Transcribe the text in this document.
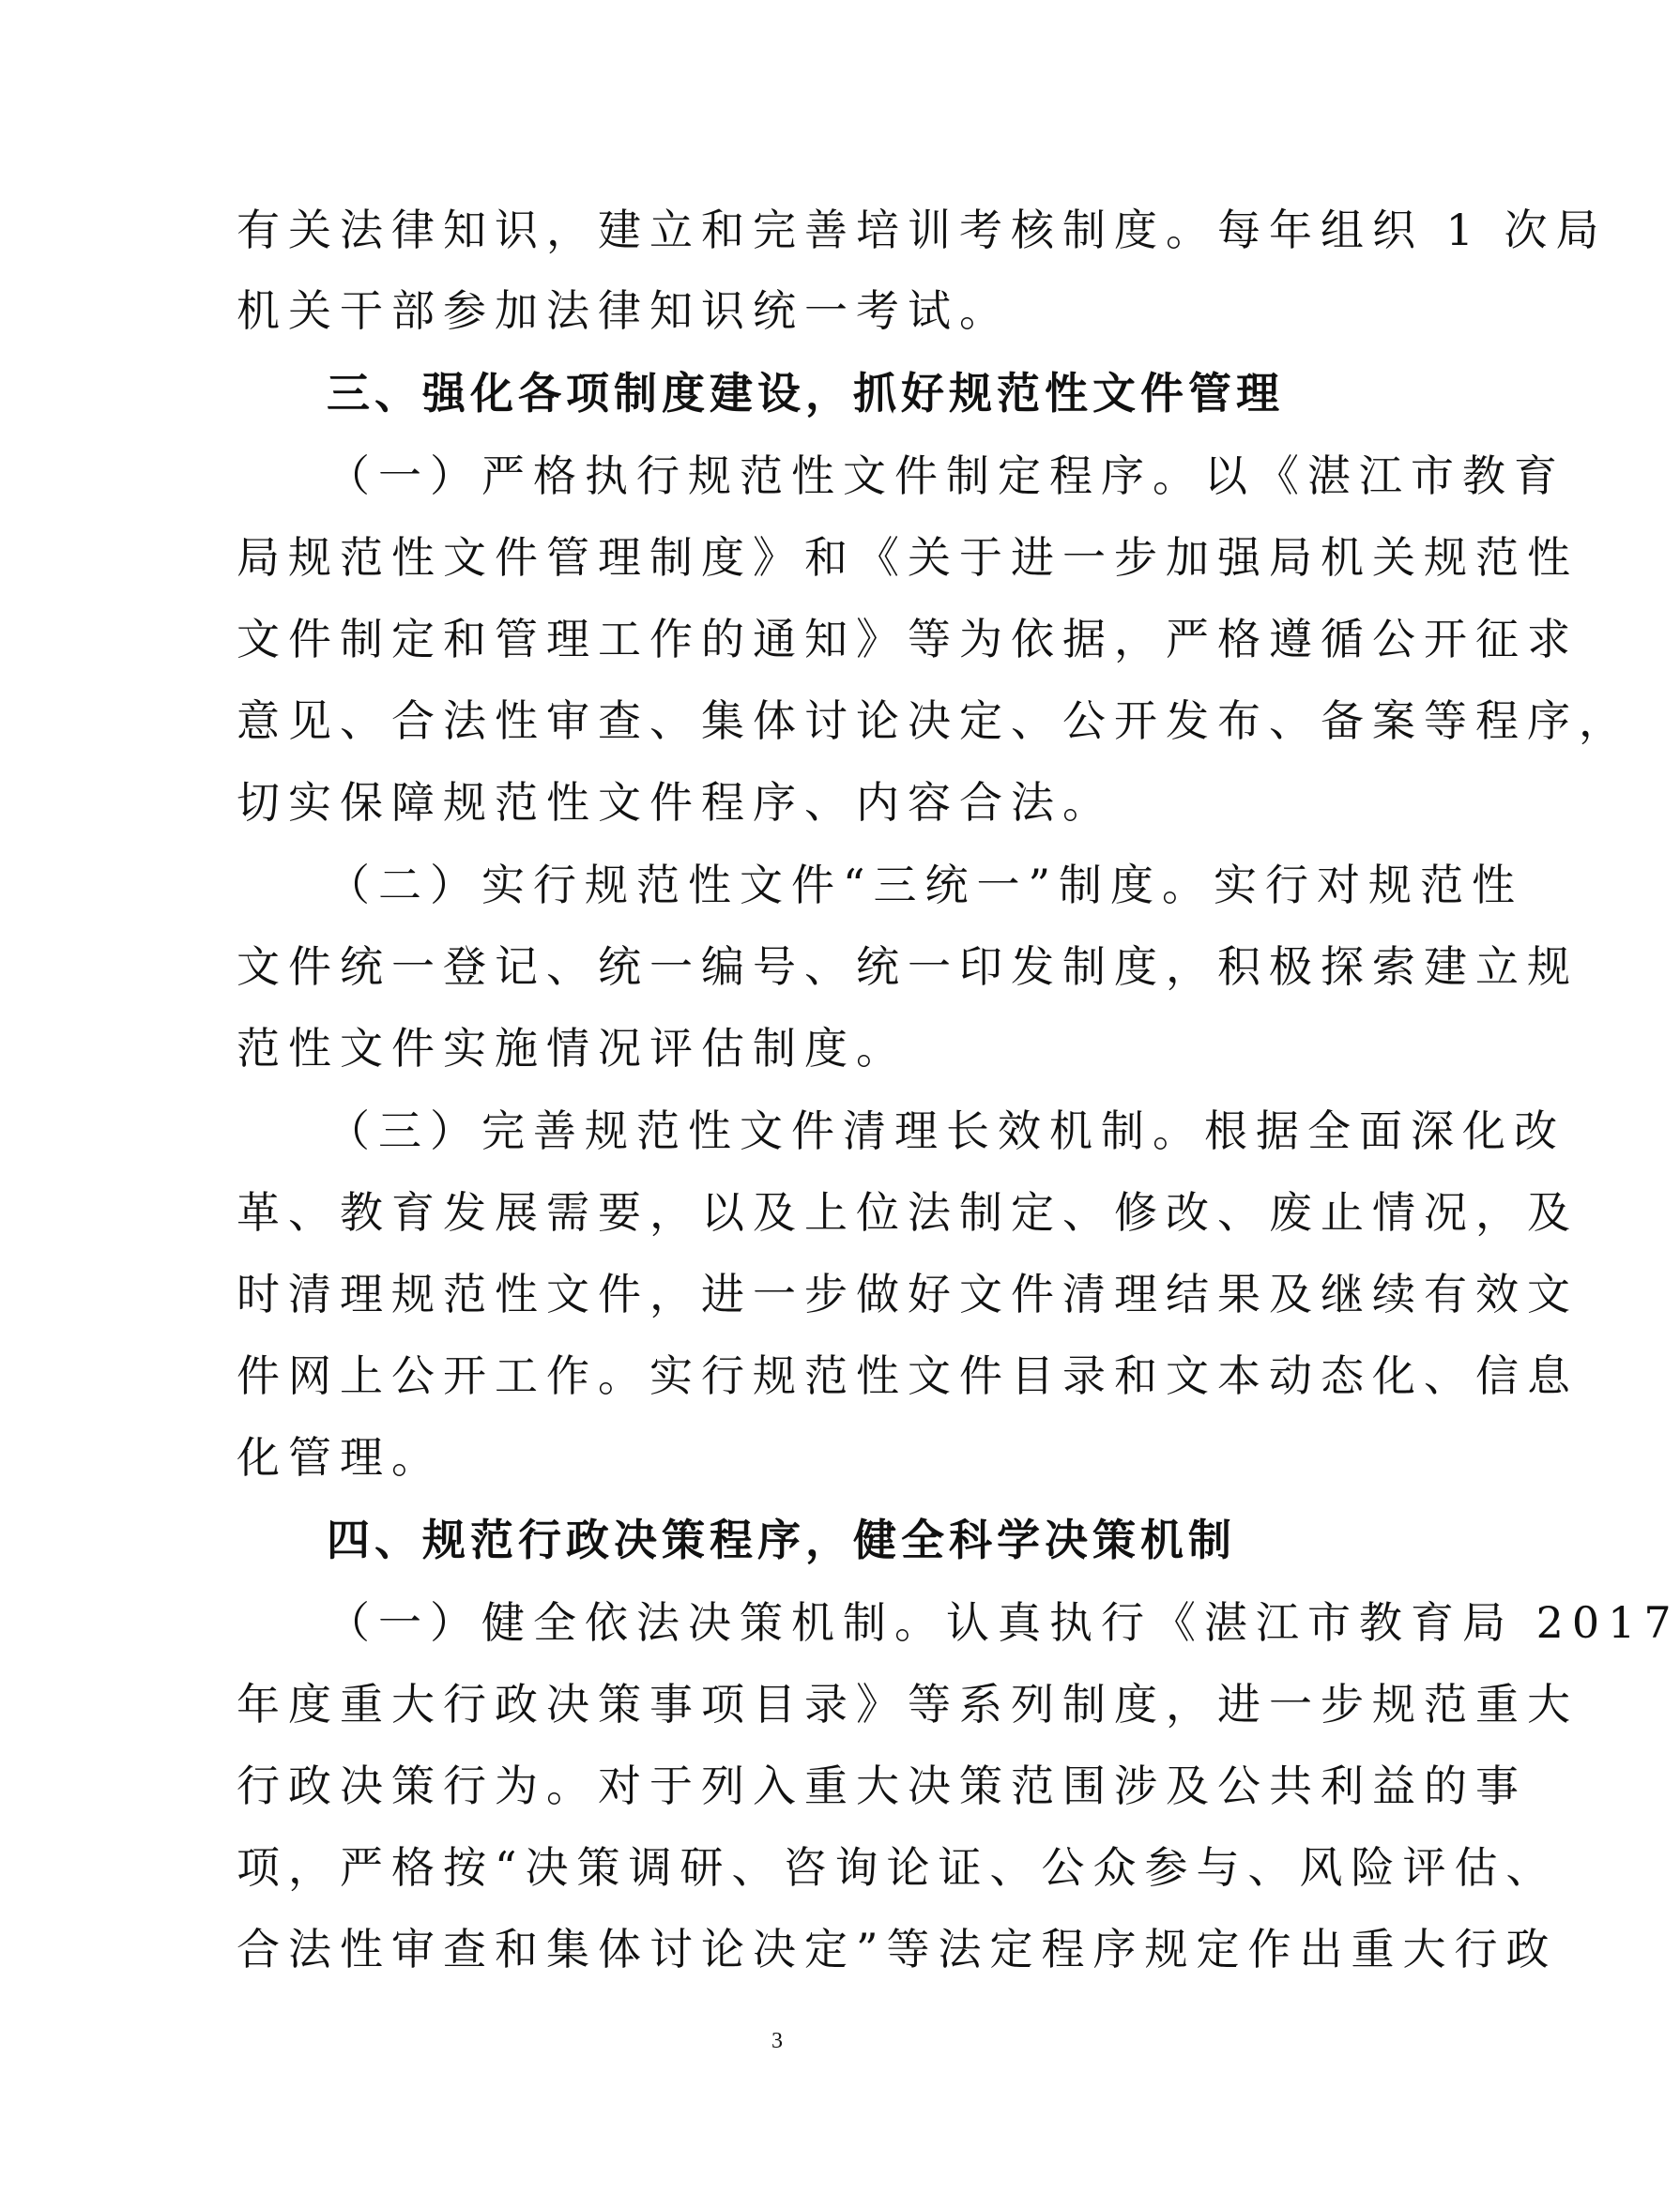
有关法律知识，建立和完善培训考核制度。每年组织 1 次局
机关干部参加法律知识统一考试。
三、强化各项制度建设，抓好规范性文件管理
（一）严格执行规范性文件制定程序。以《湛江市教育
局规范性文件管理制度》和《关于进一步加强局机关规范性
文件制定和管理工作的通知》等为依据，严格遵循公开征求
意见、合法性审查、集体讨论决定、公开发布、备案等程序，
切实保障规范性文件程序、内容合法。
（二）实行规范性文件“三统一”制度。实行对规范性
文件统一登记、统一编号、统一印发制度，积极探索建立规
范性文件实施情况评估制度。
（三）完善规范性文件清理长效机制。根据全面深化改
革、教育发展需要，以及上位法制定、修改、废止情况，及
时清理规范性文件，进一步做好文件清理结果及继续有效文
件网上公开工作。实行规范性文件目录和文本动态化、信息
化管理。
四、规范行政决策程序，健全科学决策机制
（一）健全依法决策机制。认真执行《湛江市教育局 2017
年度重大行政决策事项目录》等系列制度，进一步规范重大
行政决策行为。对于列入重大决策范围涉及公共利益的事
项，严格按“决策调研、咨询论证、公众参与、风险评估、
合法性审查和集体讨论决定”等法定程序规定作出重大行政
3
